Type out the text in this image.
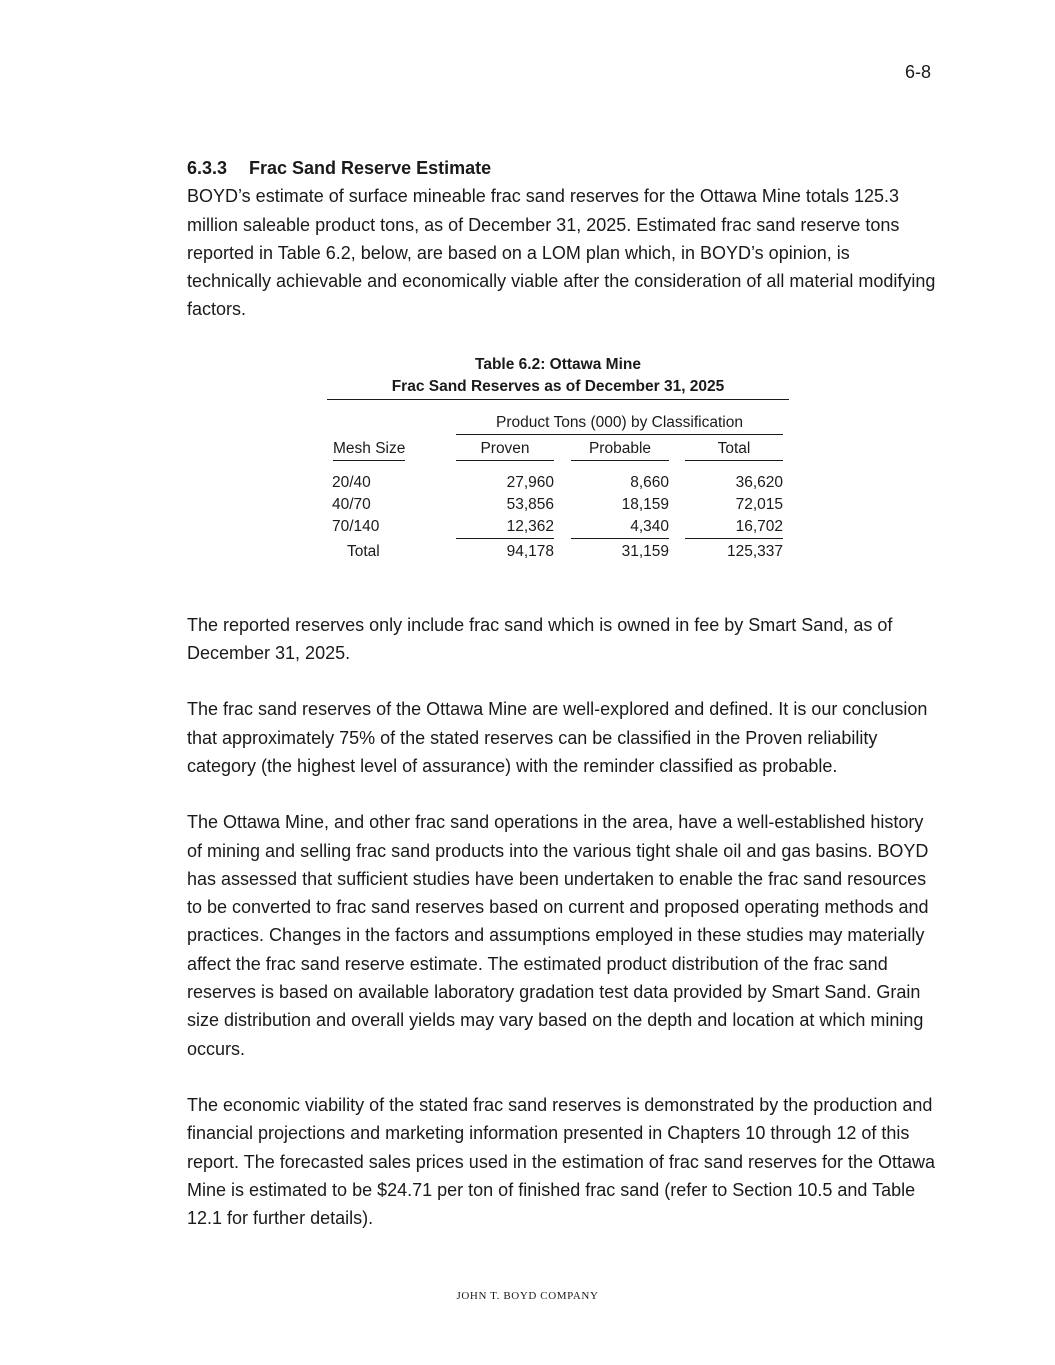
6-8
6.3.3 Frac Sand Reserve Estimate

BOYD’s estimate of surface mineable frac sand reserves for the Ottawa Mine totals 125.3 million saleable product tons, as of December 31, 2025. Estimated frac sand reserve tons reported in Table 6.2, below, are based on a LOM plan which, in BOYD’s opinion, is technically achievable and economically viable after the consideration of all material modifying factors.

Table 6.2: Ottawa Mine
Frac Sand Reserves as of December 31, 2025
Product Tons (000) by Classification
Mesh Size	Proven	Probable	Total
20/40	27,960	8,660	36,620
40/70	53,856	18,159	72,015
70/140	12,362	4,340	16,702
Total	94,178	31,159	125,337

The reported reserves only include frac sand which is owned in fee by Smart Sand, as of December 31, 2025.

The frac sand reserves of the Ottawa Mine are well-explored and defined. It is our conclusion that approximately 75% of the stated reserves can be classified in the Proven reliability category (the highest level of assurance) with the reminder classified as probable.

The Ottawa Mine, and other frac sand operations in the area, have a well-established history of mining and selling frac sand products into the various tight shale oil and gas basins. BOYD has assessed that sufficient studies have been undertaken to enable the frac sand resources to be converted to frac sand reserves based on current and proposed operating methods and practices. Changes in the factors and assumptions employed in these studies may materially affect the frac sand reserve estimate. The estimated product distribution of the frac sand reserves is based on available laboratory gradation test data provided by Smart Sand. Grain size distribution and overall yields may vary based on the depth and location at which mining occurs.

The economic viability of the stated frac sand reserves is demonstrated by the production and financial projections and marketing information presented in Chapters 10 through 12 of this report. The forecasted sales prices used in the estimation of frac sand reserves for the Ottawa Mine is estimated to be $24.71 per ton of finished frac sand (refer to Section 10.5 and Table 12.1 for further details).

JOHN T. BOYD COMPANY
